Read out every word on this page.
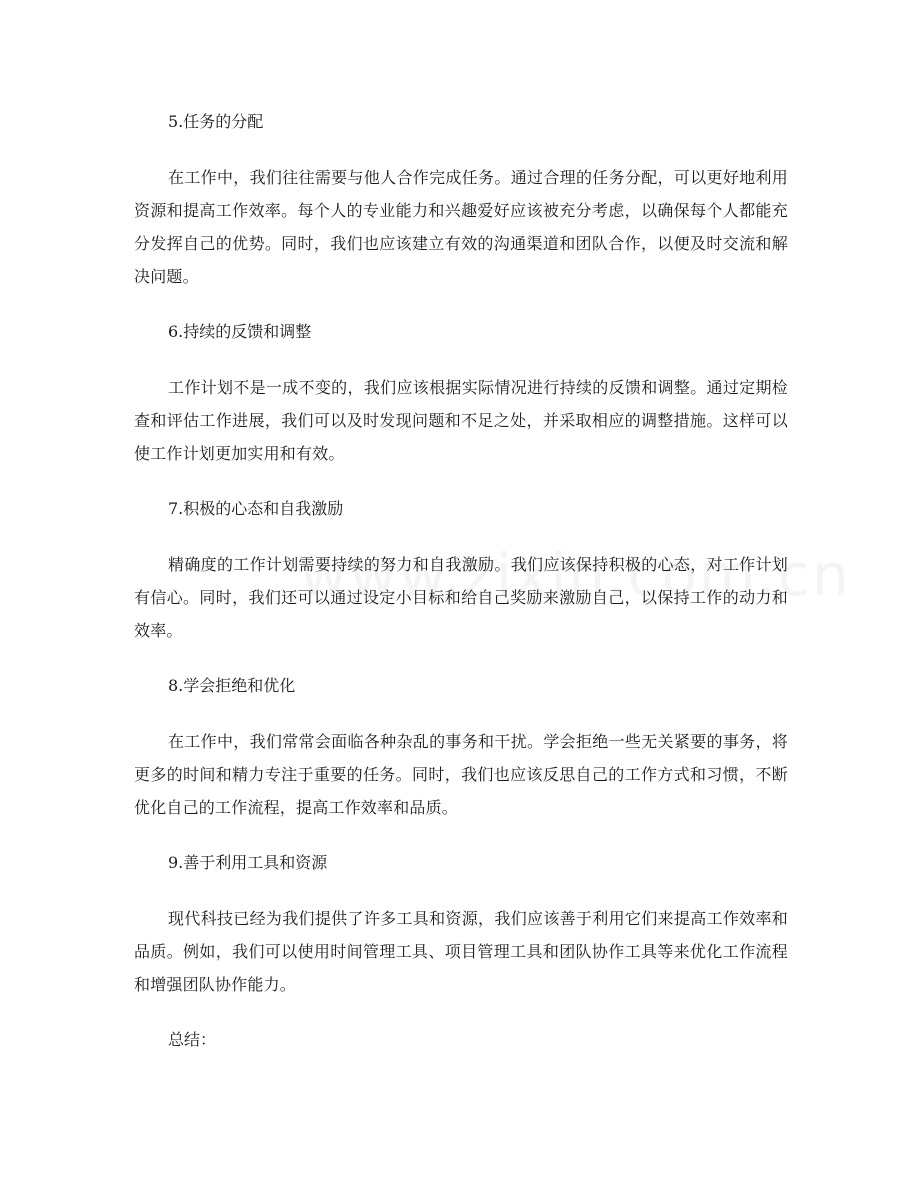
5.任务的分配

在工作中，我们往往需要与他人合作完成任务。通过合理的任务分配，可以更好地利用资源和提高工作效率。每个人的专业能力和兴趣爱好应该被充分考虑，以确保每个人都能充分发挥自己的优势。同时，我们也应该建立有效的沟通渠道和团队合作，以便及时交流和解决问题。

6.持续的反馈和调整

工作计划不是一成不变的，我们应该根据实际情况进行持续的反馈和调整。通过定期检查和评估工作进展，我们可以及时发现问题和不足之处，并采取相应的调整措施。这样可以使工作计划更加实用和有效。

7.积极的心态和自我激励

精确度的工作计划需要持续的努力和自我激励。我们应该保持积极的心态，对工作计划有信心。同时，我们还可以通过设定小目标和给自己奖励来激励自己，以保持工作的动力和效率。

8.学会拒绝和优化

在工作中，我们常常会面临各种杂乱的事务和干扰。学会拒绝一些无关紧要的事务，将更多的时间和精力专注于重要的任务。同时，我们也应该反思自己的工作方式和习惯，不断优化自己的工作流程，提高工作效率和品质。

9.善于利用工具和资源

现代科技已经为我们提供了许多工具和资源，我们应该善于利用它们来提高工作效率和品质。例如，我们可以使用时间管理工具、项目管理工具和团队协作工具等来优化工作流程和增强团队协作能力。

总结：
